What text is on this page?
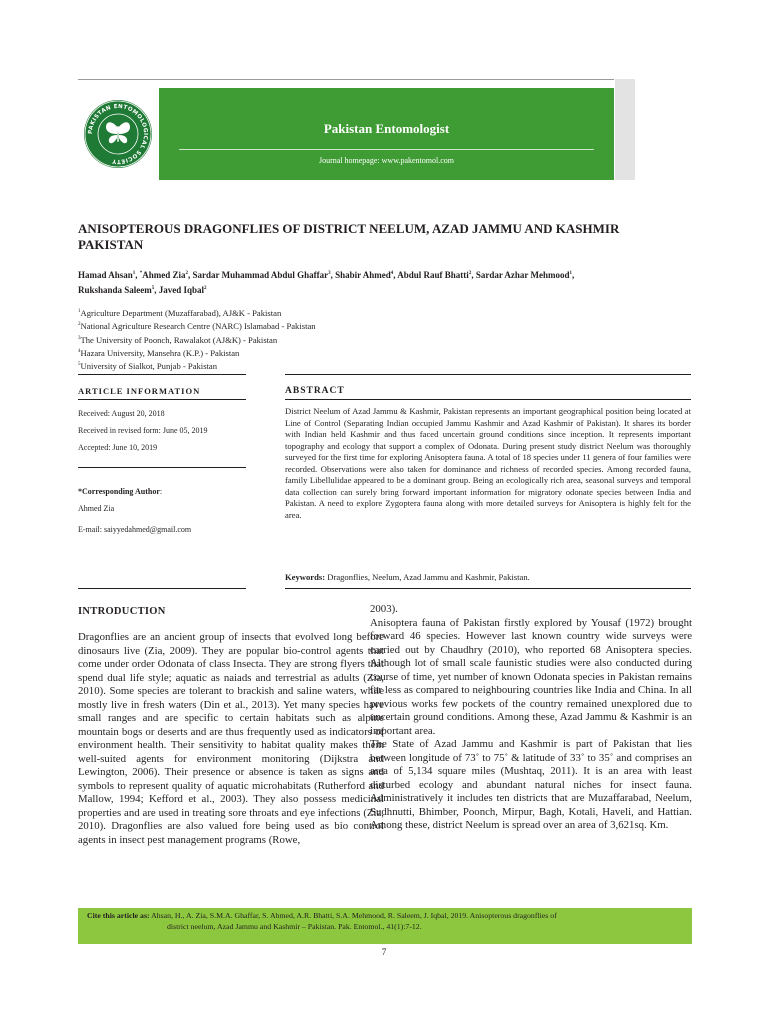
PAKISTAN ENTOMOLOGICAL SOCIETY
Pakistan Entomologist
Journal homepage: www.pakentomol.com
ANISOPTEROUS DRAGONFLIES OF DISTRICT NEELUM, AZAD JAMMU AND KASHMIR
PAKISTAN
Hamad Ahsan$^1$, *Ahmed Zia$^2$, Sardar Muhammad Abdul Ghaffar$^3$, Shabir Ahmed$^4$, Abdul Rauf Bhatti$^2$, Sardar Azhar Mehmood$^1$,
Rukshanda Saleem$^5$, Javed Iqbal$^2$
$^1$Agriculture Department (Muzaffarabad), AJ&K - Pakistan
$^2$National Agriculture Research Centre (NARC) Islamabad - Pakistan
$^3$The University of Poonch, Rawalakot (AJ&K) - Pakistan
$^4$Hazara University, Mansehra (K.P.) - Pakistan
$^5$University of Sialkot, Punjab - Pakistan
ARTICLE INFORMATION	ABSTRACT
Received: August 20, 2018
Received in revised form: June 05, 2019
Accepted: June 10, 2019
*Corresponding Author:
Ahmed Zia
E-mail: saiyyedahmed@gmail.com
District Neelum of Azad Jammu & Kashmir, Pakistan represents an important geographical position being located at Line of Control (Separating Indian occupied Jammu Kashmir and Azad Kashmir of Pakistan). It shares its border with Indian held Kashmir and thus faced uncertain ground conditions since inception. It represents important topography and ecology that support a complex of Odonata. During present study district Neelum was thoroughly surveyed for the first time for exploring Anisoptera fauna. A total of 18 species under 11 genera of four families were recorded. Observations were also taken for dominance and richness of recorded species. Among recorded fauna, family Libellulidae appeared to be a dominant group. Being an ecologically rich area, seasonal surveys and temporal data collection can surely bring forward important information for migratory odonate species between India and Pakistan. A need to explore Zygoptera fauna along with more detailed surveys for Anisoptera is highly felt for the area.
Keywords: Dragonflies, Neelum, Azad Jammu and Kashmir, Pakistan.
INTRODUCTION

Dragonflies are an ancient group of insects that evolved long before dinosaurs live (Zia, 2009). They are popular bio-control agents that come under order Odonata of class Insecta. They are strong flyers that spend dual life style; aquatic as naiads and terrestrial as adults (Zia, 2010). Some species are tolerant to brackish and saline waters, while mostly live in fresh waters (Din et al., 2013). Yet many species have small ranges and are specific to certain habitats such as alpine mountain bogs or deserts and are thus frequently used as indicators of environment health. Their sensitivity to habitat quality makes them well-suited agents for environment monitoring (Dijkstra and Lewington, 2006). Their presence or absence is taken as signs and symbols to represent quality of aquatic microhabitats (Rutherford and Mallow, 1994; Kefford et al., 2003). They also possess medicinal properties and are used in treating sore throats and eye infections (Zia, 2010). Dragonflies are also valued fore being used as bio control agents in insect pest management programs (Rowe,

2003).

Anisoptera fauna of Pakistan firstly explored by Yousaf (1972) brought forward 46 species. However last known country wide surveys were carried out by Chaudhry (2010), who reported 68 Anisoptera species. Although lot of small scale faunistic studies were also conducted during course of time, yet number of known Odonata species in Pakistan remains far less as compared to neighbouring countries like India and China. In all previous works few pockets of the country remained unexplored due to uncertain ground conditions. Among these, Azad Jammu & Kashmir is an important area.

The State of Azad Jammu and Kashmir is part of Pakistan that lies between longitude of 73˚ to 75˚ & latitude of 33˚ to 35˚ and comprises an area of 5,134 square miles (Mushtaq, 2011). It is an area with least disturbed ecology and abundant natural niches for insect fauna. Administratively it includes ten districts that are Muzaffarabad, Neelum, Sudhnutti, Bhimber, Poonch, Mirpur, Bagh, Kotali, Haveli, and Hattian. Among these, district Neelum is spread over an area of 3,621sq. Km.

Cite this article as: Ahsan, H., A. Zia, S.M.A. Ghaffar, S. Ahmed, A.R. Bhatti, S.A. Mehmood, R. Saleem, J. Iqbal, 2019. Anisopterous dragonflies of
district neelum, Azad Jammu and Kashmir – Pakistan. Pak. Entomol., 41(1):7-12.
7
